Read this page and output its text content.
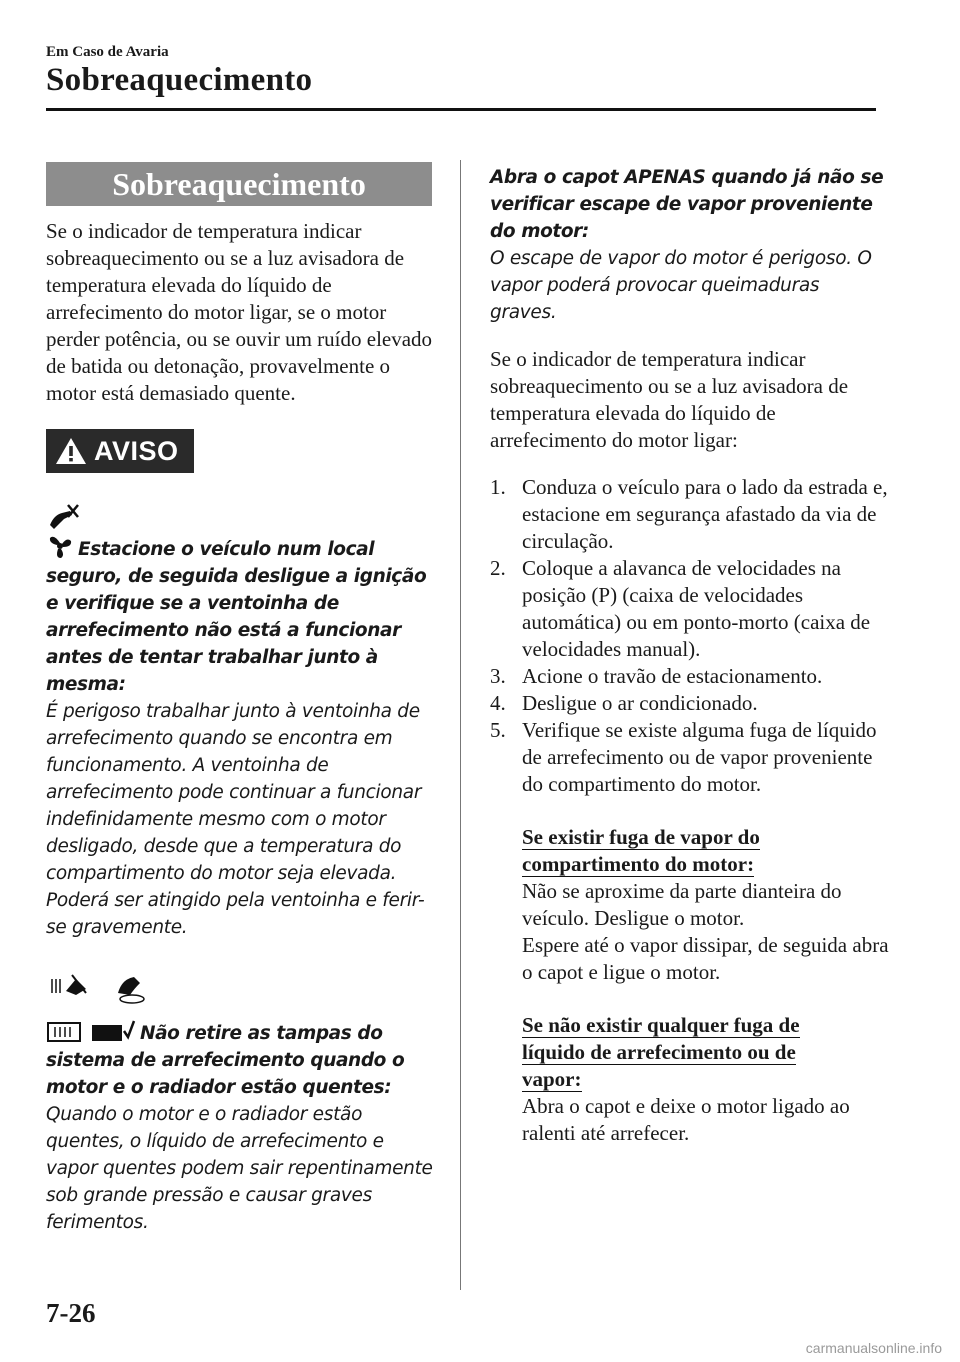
Em Caso de Avaria
Sobreaquecimento
Sobreaquecimento

Se o indicador de temperatura indicar sobreaquecimento ou se a luz avisadora de temperatura elevada do líquido de arrefecimento do motor ligar, se o motor perder potência, ou se ouvir um ruído elevado de batida ou detonação, provavelmente o motor está demasiado quente.

AVISO
Estacione o veículo num local seguro, de seguida desligue a ignição e verifique se a ventoinha de arrefecimento não está a funcionar antes de tentar trabalhar junto à mesma:
É perigoso trabalhar junto à ventoinha de arrefecimento quando se encontra em funcionamento. A ventoinha de arrefecimento pode continuar a funcionar indefinidamente mesmo com o motor desligado, desde que a temperatura do compartimento do motor seja elevada. Poderá ser atingido pela ventoinha e ferir-se gravemente.

Não retire as tampas do sistema de arrefecimento quando o motor e o radiador estão quentes:
Quando o motor e o radiador estão quentes, o líquido de arrefecimento e vapor quentes podem sair repentinamente sob grande pressão e causar graves ferimentos.
Abra o capot APENAS quando já não se verificar escape de vapor proveniente do motor:
O escape de vapor do motor é perigoso. O vapor poderá provocar queimaduras graves.

Se o indicador de temperatura indicar sobreaquecimento ou se a luz avisadora de temperatura elevada do líquido de arrefecimento do motor ligar:

1. Conduza o veículo para o lado da estrada e, estacione em segurança afastado da via de circulação.
2. Coloque a alavanca de velocidades na posição (P) (caixa de velocidades automática) ou em ponto-morto (caixa de velocidades manual).
3. Acione o travão de estacionamento.
4. Desligue o ar condicionado.
5. Verifique se existe alguma fuga de líquido de arrefecimento ou de vapor proveniente do compartimento do motor.

Se existir fuga de vapor do

compartimento do motor:

Não se aproxime da parte dianteira do veículo. Desligue o motor.

Espere até o vapor dissipar, de seguida abra o capot e ligue o motor.

Se não existir qualquer fuga de

líquido de arrefecimento ou de

vapor:

Abra o capot e deixe o motor ligado ao ralenti até arrefecer.

7-26
carmanualsonline.info
